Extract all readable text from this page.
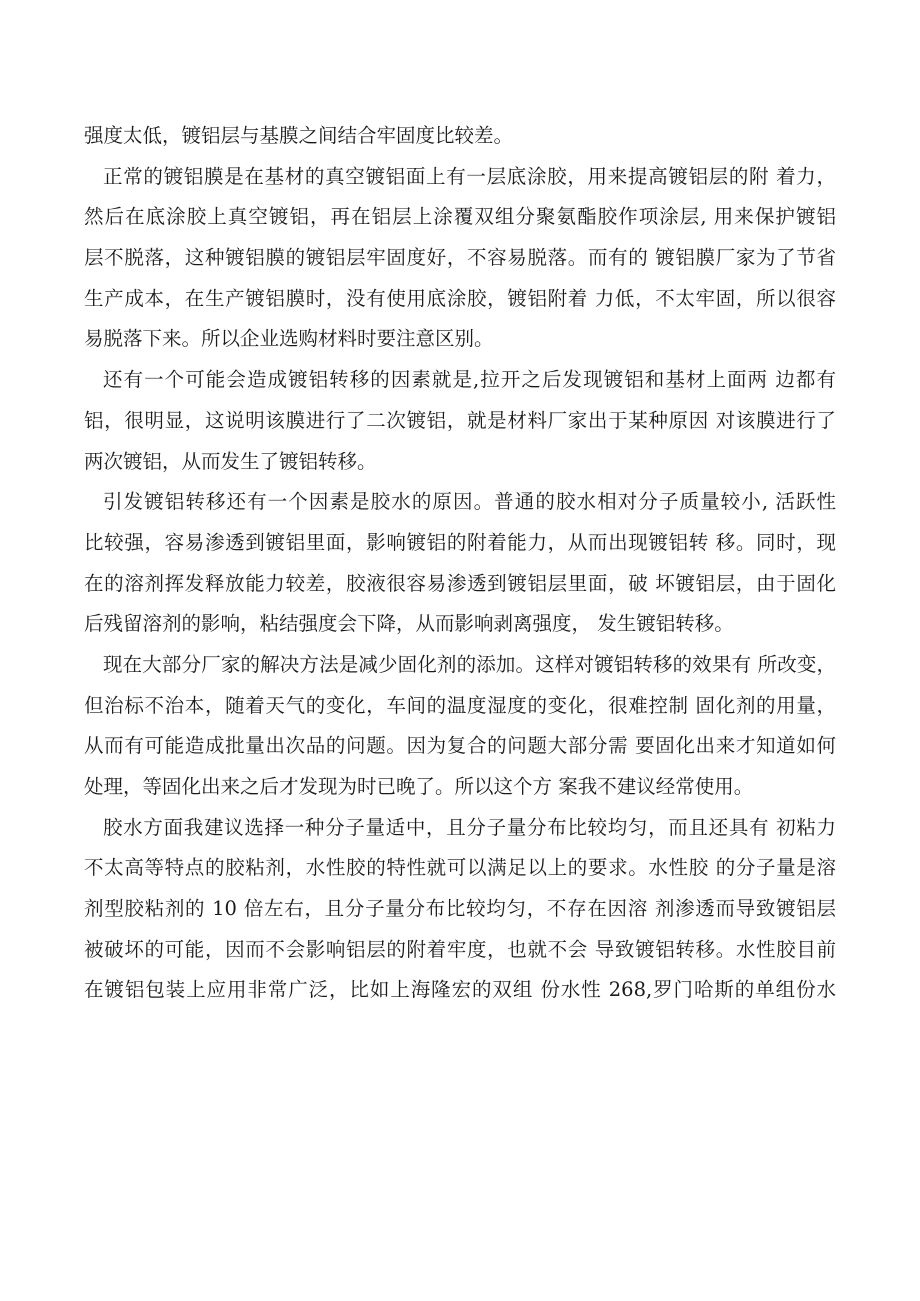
强度太低，镀铝层与基膜之间结合牢固度比较差。
正常的镀铝膜是在基材的真空镀铝面上有一层底涂胶，用来提高镀铝层的附 着力，
然后在底涂胶上真空镀铝，再在铝层上涂覆双组分聚氨酯胶作项涂层, 用来保护镀铝
层不脱落，这种镀铝膜的镀铝层牢固度好，不容易脱落。而有的 镀铝膜厂家为了节省
生产成本，在生产镀铝膜时，没有使用底涂胶，镀铝附着 力低，不太牢固，所以很容
易脱落下来。所以企业选购材料时要注意区别。
还有一个可能会造成镀铝转移的因素就是,拉开之后发现镀铝和基材上面两 边都有
铝，很明显，这说明该膜进行了二次镀铝，就是材料厂家出于某种原因 对该膜进行了
两次镀铝，从而发生了镀铝转移。
引发镀铝转移还有一个因素是胶水的原因。普通的胶水相对分子质量较小, 活跃性
比较强，容易渗透到镀铝里面，影响镀铝的附着能力，从而出现镀铝转 移。同时，现
在的溶剂挥发释放能力较差，胶液很容易渗透到镀铝层里面，破 坏镀铝层，由于固化
后残留溶剂的影响，粘结强度会下降，从而影响剥离强度， 发生镀铝转移。
现在大部分厂家的解决方法是减少固化剂的添加。这样对镀铝转移的效果有 所改变，
但治标不治本，随着天气的变化，车间的温度湿度的变化，很难控制 固化剂的用量，
从而有可能造成批量出次品的问题。因为复合的问题大部分需 要固化出来才知道如何
处理，等固化出来之后才发现为时已晚了。所以这个方 案我不建议经常使用。
胶水方面我建议选择一种分子量适中，且分子量分布比较均匀，而且还具有 初粘力
不太高等特点的胶粘剂，水性胶的特性就可以满足以上的要求。水性胶 的分子量是溶
剂型胶粘剂的 10 倍左右，且分子量分布比较均匀，不存在因溶 剂渗透而导致镀铝层
被破坏的可能，因而不会影响铝层的附着牢度，也就不会 导致镀铝转移。水性胶目前
在镀铝包装上应用非常广泛，比如上海隆宏的双组 份水性 268,罗门哈斯的单组份水
